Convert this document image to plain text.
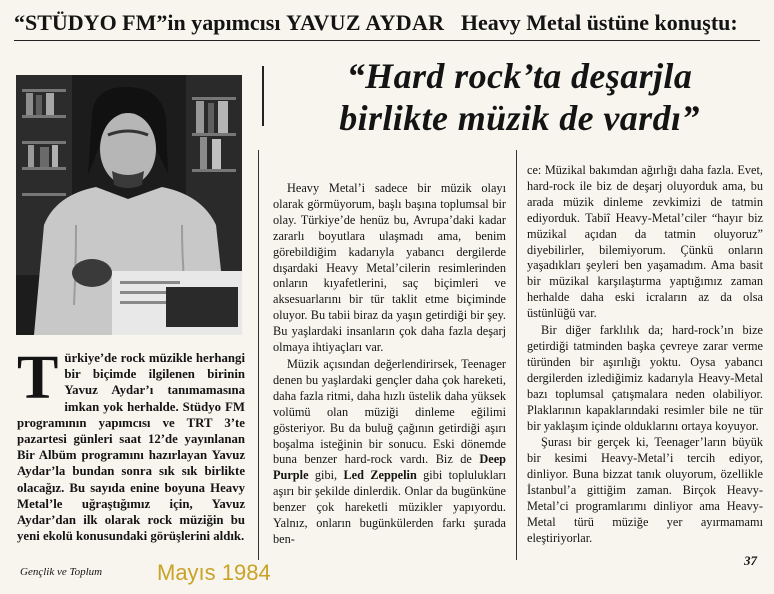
“STÜDYO FM”in yapımcısı YAVUZ AYDAR Heavy Metal üstüne konuştu:
“Hard rock’ta deşarjla
birlikte müzik de vardı”

Türkiye’de rock müzikle herhangi bir biçimde ilgilenen birinin Yavuz Aydar’ı tanımamasına imkan yok herhalde. Stüdyo FM programının yapımcısı ve TRT 3’te pazartesi günleri saat 12’de yayınlanan Bir Albüm programını hazırlayan Yavuz Aydar’la bundan sonra sık sık birlikte olacağız. Bu sayıda enine boyuna Heavy Metal’le uğraştığımız için, Yavuz Aydar’dan ilk olarak rock müziğin bu yeni ekolü konusundaki görüşlerini aldık.

Heavy Metal’i sadece bir müzik olayı olarak görmüyorum, başlı başına toplumsal bir olay. Türkiye’de henüz bu, Avrupa’daki kadar zararlı boyutlara ulaşmadı ama, benim görebildiğim kadarıyla yabancı dergilerde dışardaki Heavy Metal’cilerin resimlerinden onların kıyafetlerini, saç biçimleri ve aksesuarlarını bir tür taklit etme biçiminde oluyor. Bu tabii biraz da yaşın getirdiği bir şey. Bu yaşlardaki insanların çok daha fazla deşarj olmaya ihtiyaçları var.

Müzik açısından değerlendirirsek, Teenager denen bu yaşlardaki gençler daha çok hareketi, daha fazla ritmi, daha hızlı üstelik daha yüksek volümü olan müziği dinleme eğilimi gösteriyor. Bu da buluğ çağının getirdiği aşırı boşalma isteğinin bir sonucu. Eski dönemde buna benzer hard-rock vardı. Biz de Deep Purple gibi, Led Zeppelin gibi toplulukları aşırı bir şekilde dinlerdik. Onlar da bugünküne benzer çok hareketli müzikler yapıyordu. Yalnız, onların bugünkülerden farkı şurada ben-

ce: Müzikal bakımdan ağırlığı daha fazla. Evet, hard-rock ile biz de deşarj oluyorduk ama, bu arada müzik dinleme zevkimizi de tatmin ediyorduk. Tabiî Heavy-Metal’ciler “hayır biz müzikal açıdan da tatmin oluyoruz” diyebilirler, bilemiyorum. Çünkü onların yaşadıkları şeyleri ben yaşamadım. Ama basit bir müzikal karşılaştırma yaptığımız zaman herhalde daha eski icraların az da olsa üstünlüğü var.

Bir diğer farklılık da; hard-rock’ın bize getirdiği tatminden başka çevreye zarar verme türünden bir aşırılığı yoktu. Oysa yabancı dergilerden izlediğimiz kadarıyla Heavy-Metal bazı toplumsal çatışmalara neden olabiliyor. Plaklarının kapaklarındaki resimler bile ne tür bir yaklaşım içinde olduklarını ortaya koyuyor.

Şurası bir gerçek ki, Teenager’ların büyük bir kesimi Heavy-Metal’i tercih ediyor, dinliyor. Buna bizzat tanık oluyorum, özellikle İstanbul’a gittiğim zaman. Birçok Heavy-Metal’ci programlarımı dinliyor ama Heavy-Metal türü müziğe yer ayırmamamı eleştiriyorlar.

Gençlik ve Toplum Mayıs 1984	37
